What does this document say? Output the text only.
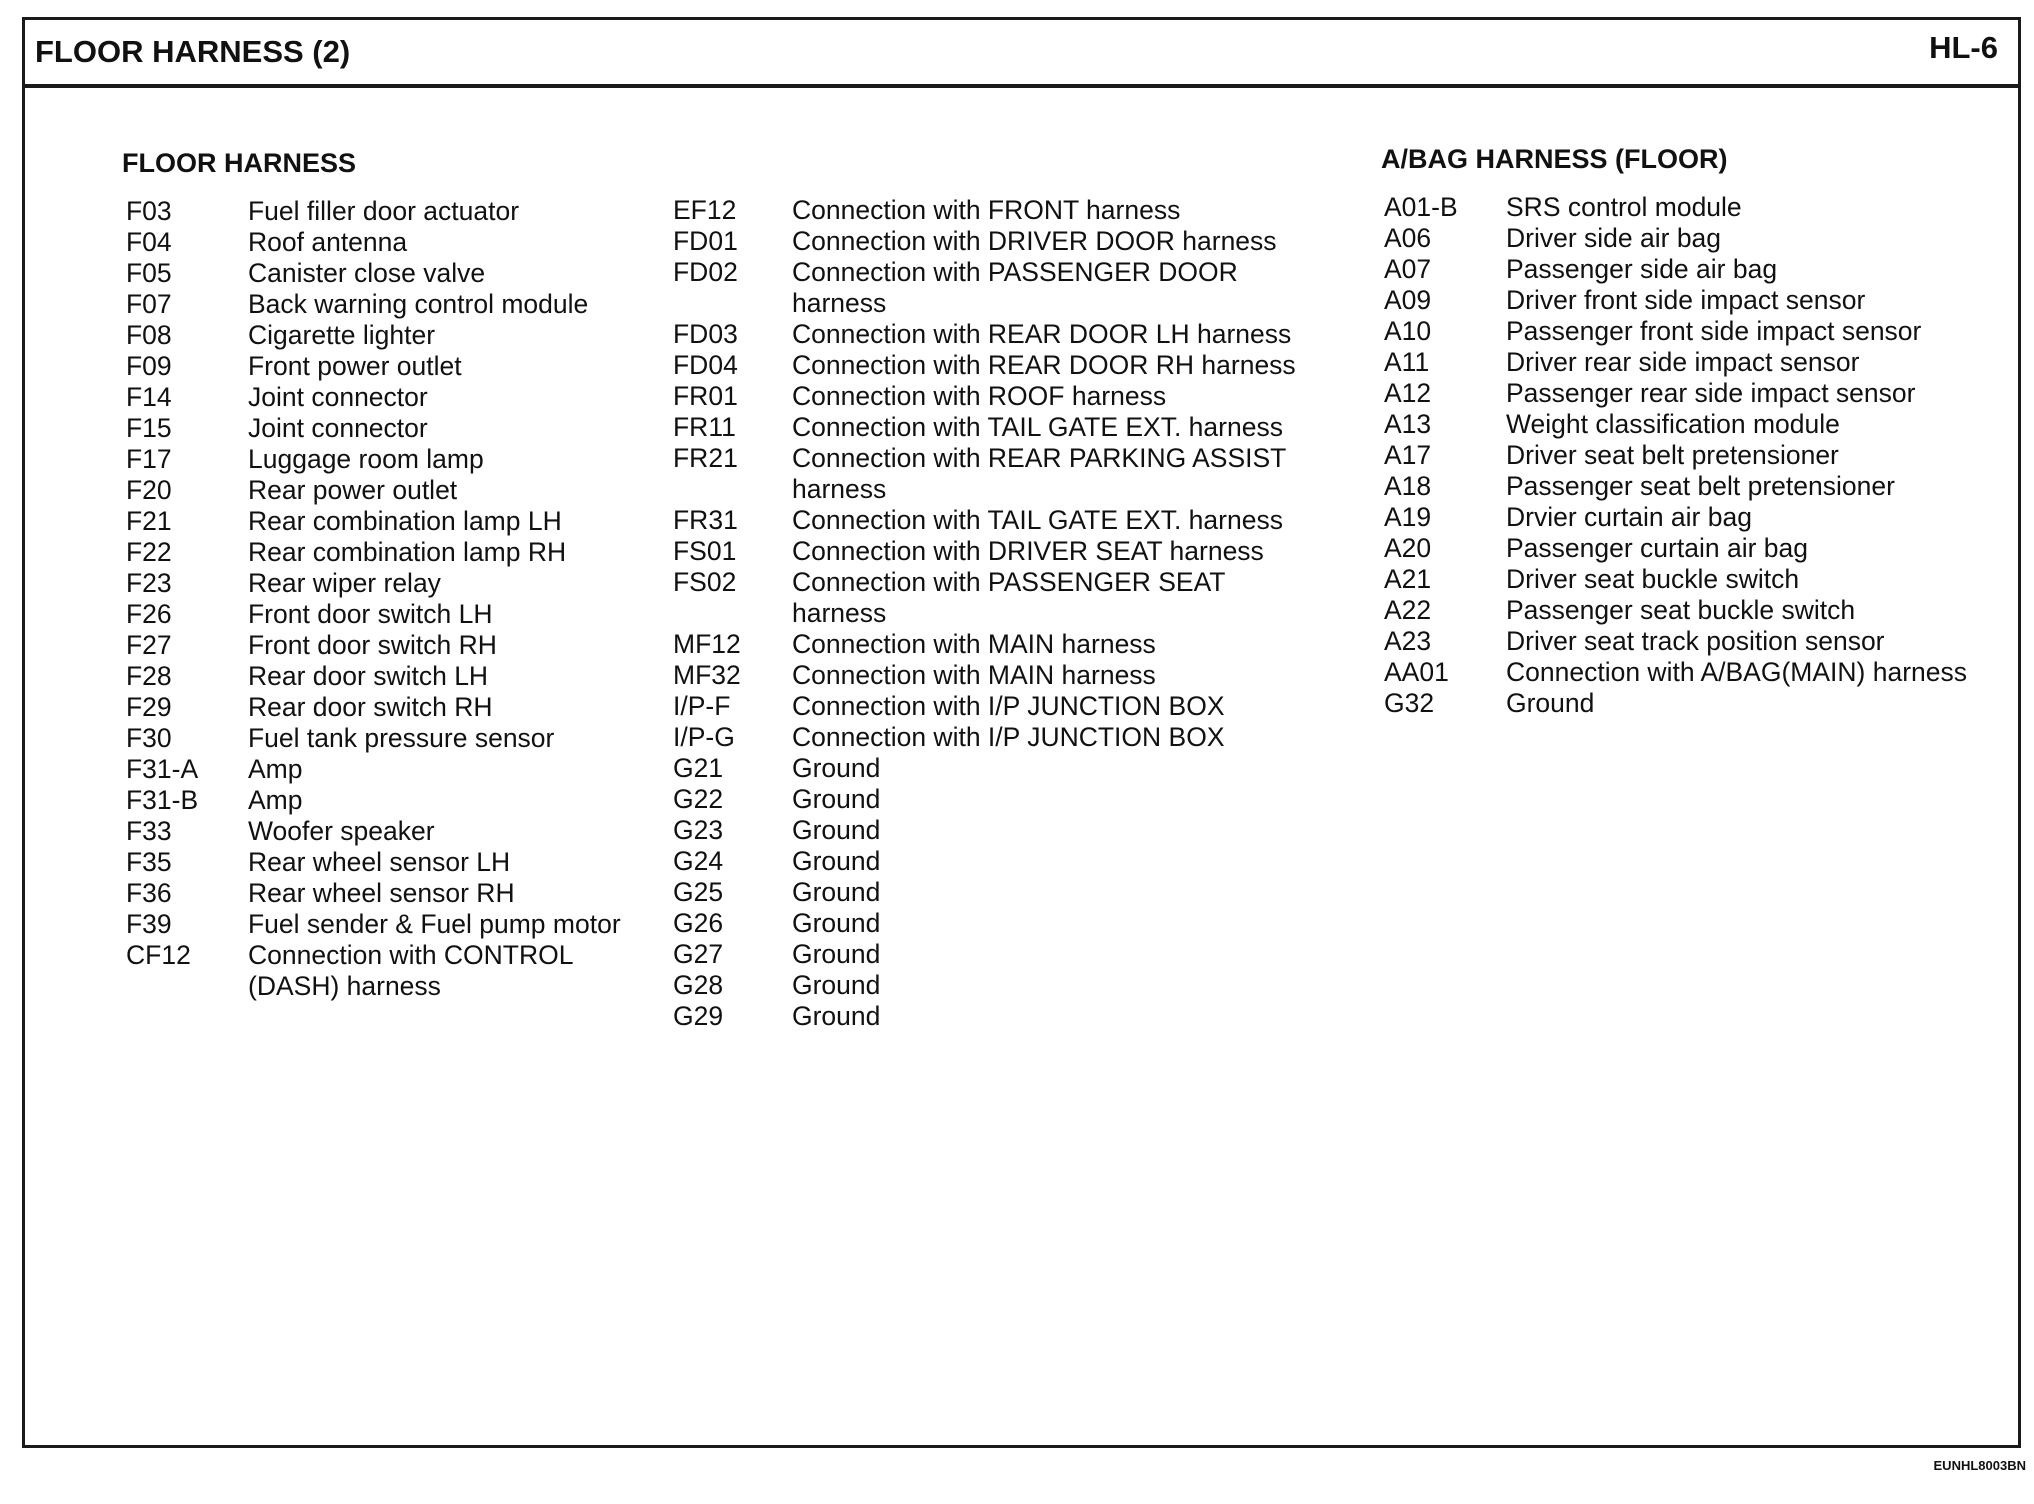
FLOOR HARNESS (2)	HL-6
FLOOR HARNESS	A/BAG HARNESS (FLOOR)
F03	Fuel filler door actuator
F04	Roof antenna
F05	Canister close valve
F07	Back warning control module
F08	Cigarette lighter
F09	Front power outlet
F14	Joint connector
F15	Joint connector
F17	Luggage room lamp
F20	Rear power outlet
F21	Rear combination lamp LH
F22	Rear combination lamp RH
F23	Rear wiper relay
F26	Front door switch LH
F27	Front door switch RH
F28	Rear door switch LH
F29	Rear door switch RH
F30	Fuel tank pressure sensor
F31-A Amp
F31-B Amp
F33	Woofer speaker
F35	Rear wheel sensor LH
F36	Rear wheel sensor RH
F39	Fuel sender & Fuel pump motor
CF12 Connection with CONTROL
(DASH) harness
EF12 Connection with FRONT harness
FD01 Connection with DRIVER DOOR harness
FD02 Connection with PASSENGER DOOR
harness
FD03 Connection with REAR DOOR LH harness
FD04 Connection with REAR DOOR RH harness
FR01 Connection with ROOF harness
FR11 Connection with TAIL GATE EXT. harness
FR21 Connection with REAR PARKING ASSIST
harness
FR31 Connection with TAIL GATE EXT. harness
FS01 Connection with DRIVER SEAT harness
FS02 Connection with PASSENGER SEAT
harness
MF12 Connection with MAIN harness
MF32 Connection with MAIN harness
I/P-F Connection with I/P JUNCTION BOX
I/P-G Connection with I/P JUNCTION BOX
G21	Ground
G22	Ground
G23	Ground
G24	Ground
G25	Ground
G26	Ground
G27	Ground
G28	Ground
G29	Ground
A01-B SRS control module
A06	Driver side air bag
A07	Passenger side air bag
A09	Driver front side impact sensor
A10	Passenger front side impact sensor
A11	Driver rear side impact sensor
A12	Passenger rear side impact sensor
A13	Weight classification module
A17	Driver seat belt pretensioner
A18	Passenger seat belt pretensioner
A19	Drvier curtain air bag
A20	Passenger curtain air bag
A21	Driver seat buckle switch
A22	Passenger seat buckle switch
A23	Driver seat track position sensor
AA01 Connection with A/BAG(MAIN) harness
G32	Ground
EUNHL8003BN
